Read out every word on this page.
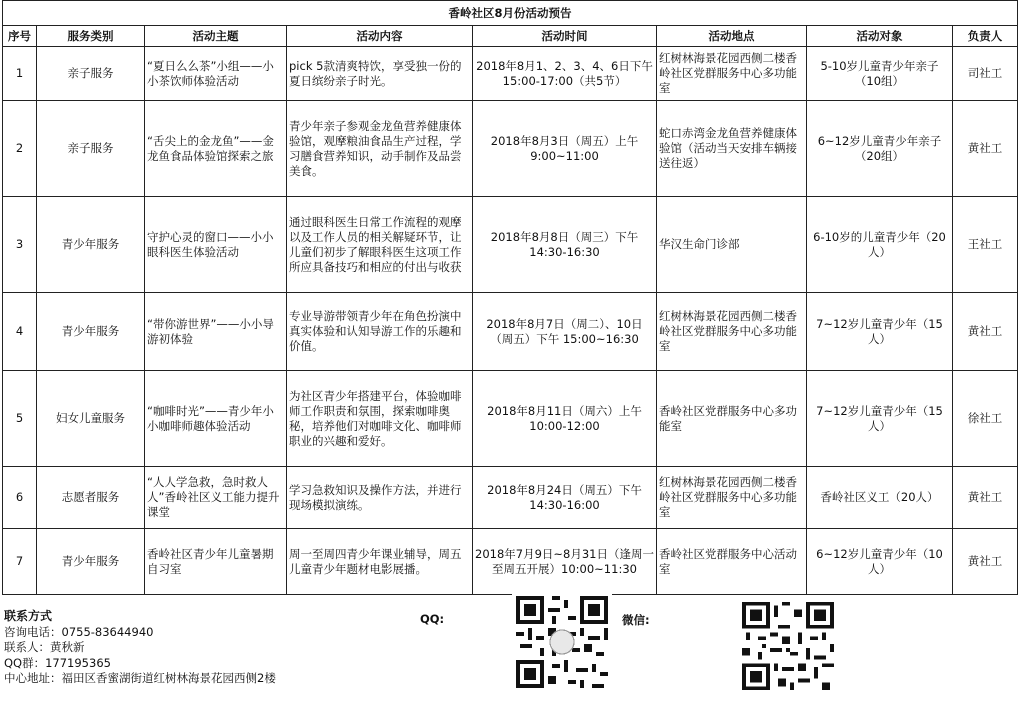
香岭社区8月份活动预告							
序号	服务类别	活动主题	活动内容	活动时间	活动地点	活动对象	负责人
1	亲子服务	“夏日么么茶”小组——小小茶饮师体验活动	pick 5款清爽特饮，享受独一份的夏日缤纷亲子时光。	2018年8月1、2、3、4、6日下午15:00-17:00（共5节）	红树林海景花园西侧二楼香岭社区党群服务中心多功能室	5-10岁儿童青少年亲子（10组）	司社工
2	亲子服务	“舌尖上的金龙鱼”——金龙鱼食品体验馆探索之旅	青少年亲子参观金龙鱼营养健康体验馆，观摩粮油食品生产过程，学习膳食营养知识，动手制作及品尝美食。	2018年8月3日（周五）上午9:00~11:00	蛇口赤湾金龙鱼营养健康体验馆（活动当天安排车辆接送往返）	6~12岁儿童青少年亲子（20组）	黄社工
3	青少年服务	守护心灵的窗口——小小眼科医生体验活动	通过眼科医生日常工作流程的观摩以及工作人员的相关解疑环节，让儿童们初步了解眼科医生这项工作所应具备技巧和相应的付出与收获	2018年8月8日（周三）下午14:30-16:30	华汉生命门诊部	6-10岁的儿童青少年（20人）	王社工
4	青少年服务	“带你游世界”——小小导游初体验	专业导游带领青少年在角色扮演中真实体验和认知导游工作的乐趣和价值。	2018年8月7日（周二）、10日（周五）下午 15:00~16:30	红树林海景花园西侧二楼香岭社区党群服务中心多功能室	7~12岁儿童青少年（15人）	黄社工
5	妇女儿童服务	“咖啡时光”——青少年小小咖啡师趣体验活动	为社区青少年搭建平台，体验咖啡师工作职责和氛围，探索咖啡奥秘，培养他们对咖啡文化、咖啡师职业的兴趣和爱好。	2018年8月11日（周六）上午10:00-12:00	香岭社区党群服务中心多功能室	7~12岁儿童青少年（15人）	徐社工
6	志愿者服务	“人人学急救，急时救人人”香岭社区义工能力提升课堂	学习急救知识及操作方法，并进行现场模拟演练。	2018年8月24日（周五）下午14:30-16:00	红树林海景花园西侧二楼香岭社区党群服务中心多功能室	香岭社区义工（20人）	黄社工
7	青少年服务	香岭社区青少年儿童暑期自习室	周一至周四青少年课业辅导，周五儿童青少年题材电影展播。	2018年7月9日~8月31日（逢周一至周五开展）10:00~11:30	香岭社区党群服务中心活动室	6~12岁儿童青少年（10人）	黄社工
联系方式
咨询电话：0755-83644940
联系人：黄秋新
QQ群：177195365
中心地址：福田区香蜜湖街道红树林海景花园西侧2楼
QQ:	微信:
